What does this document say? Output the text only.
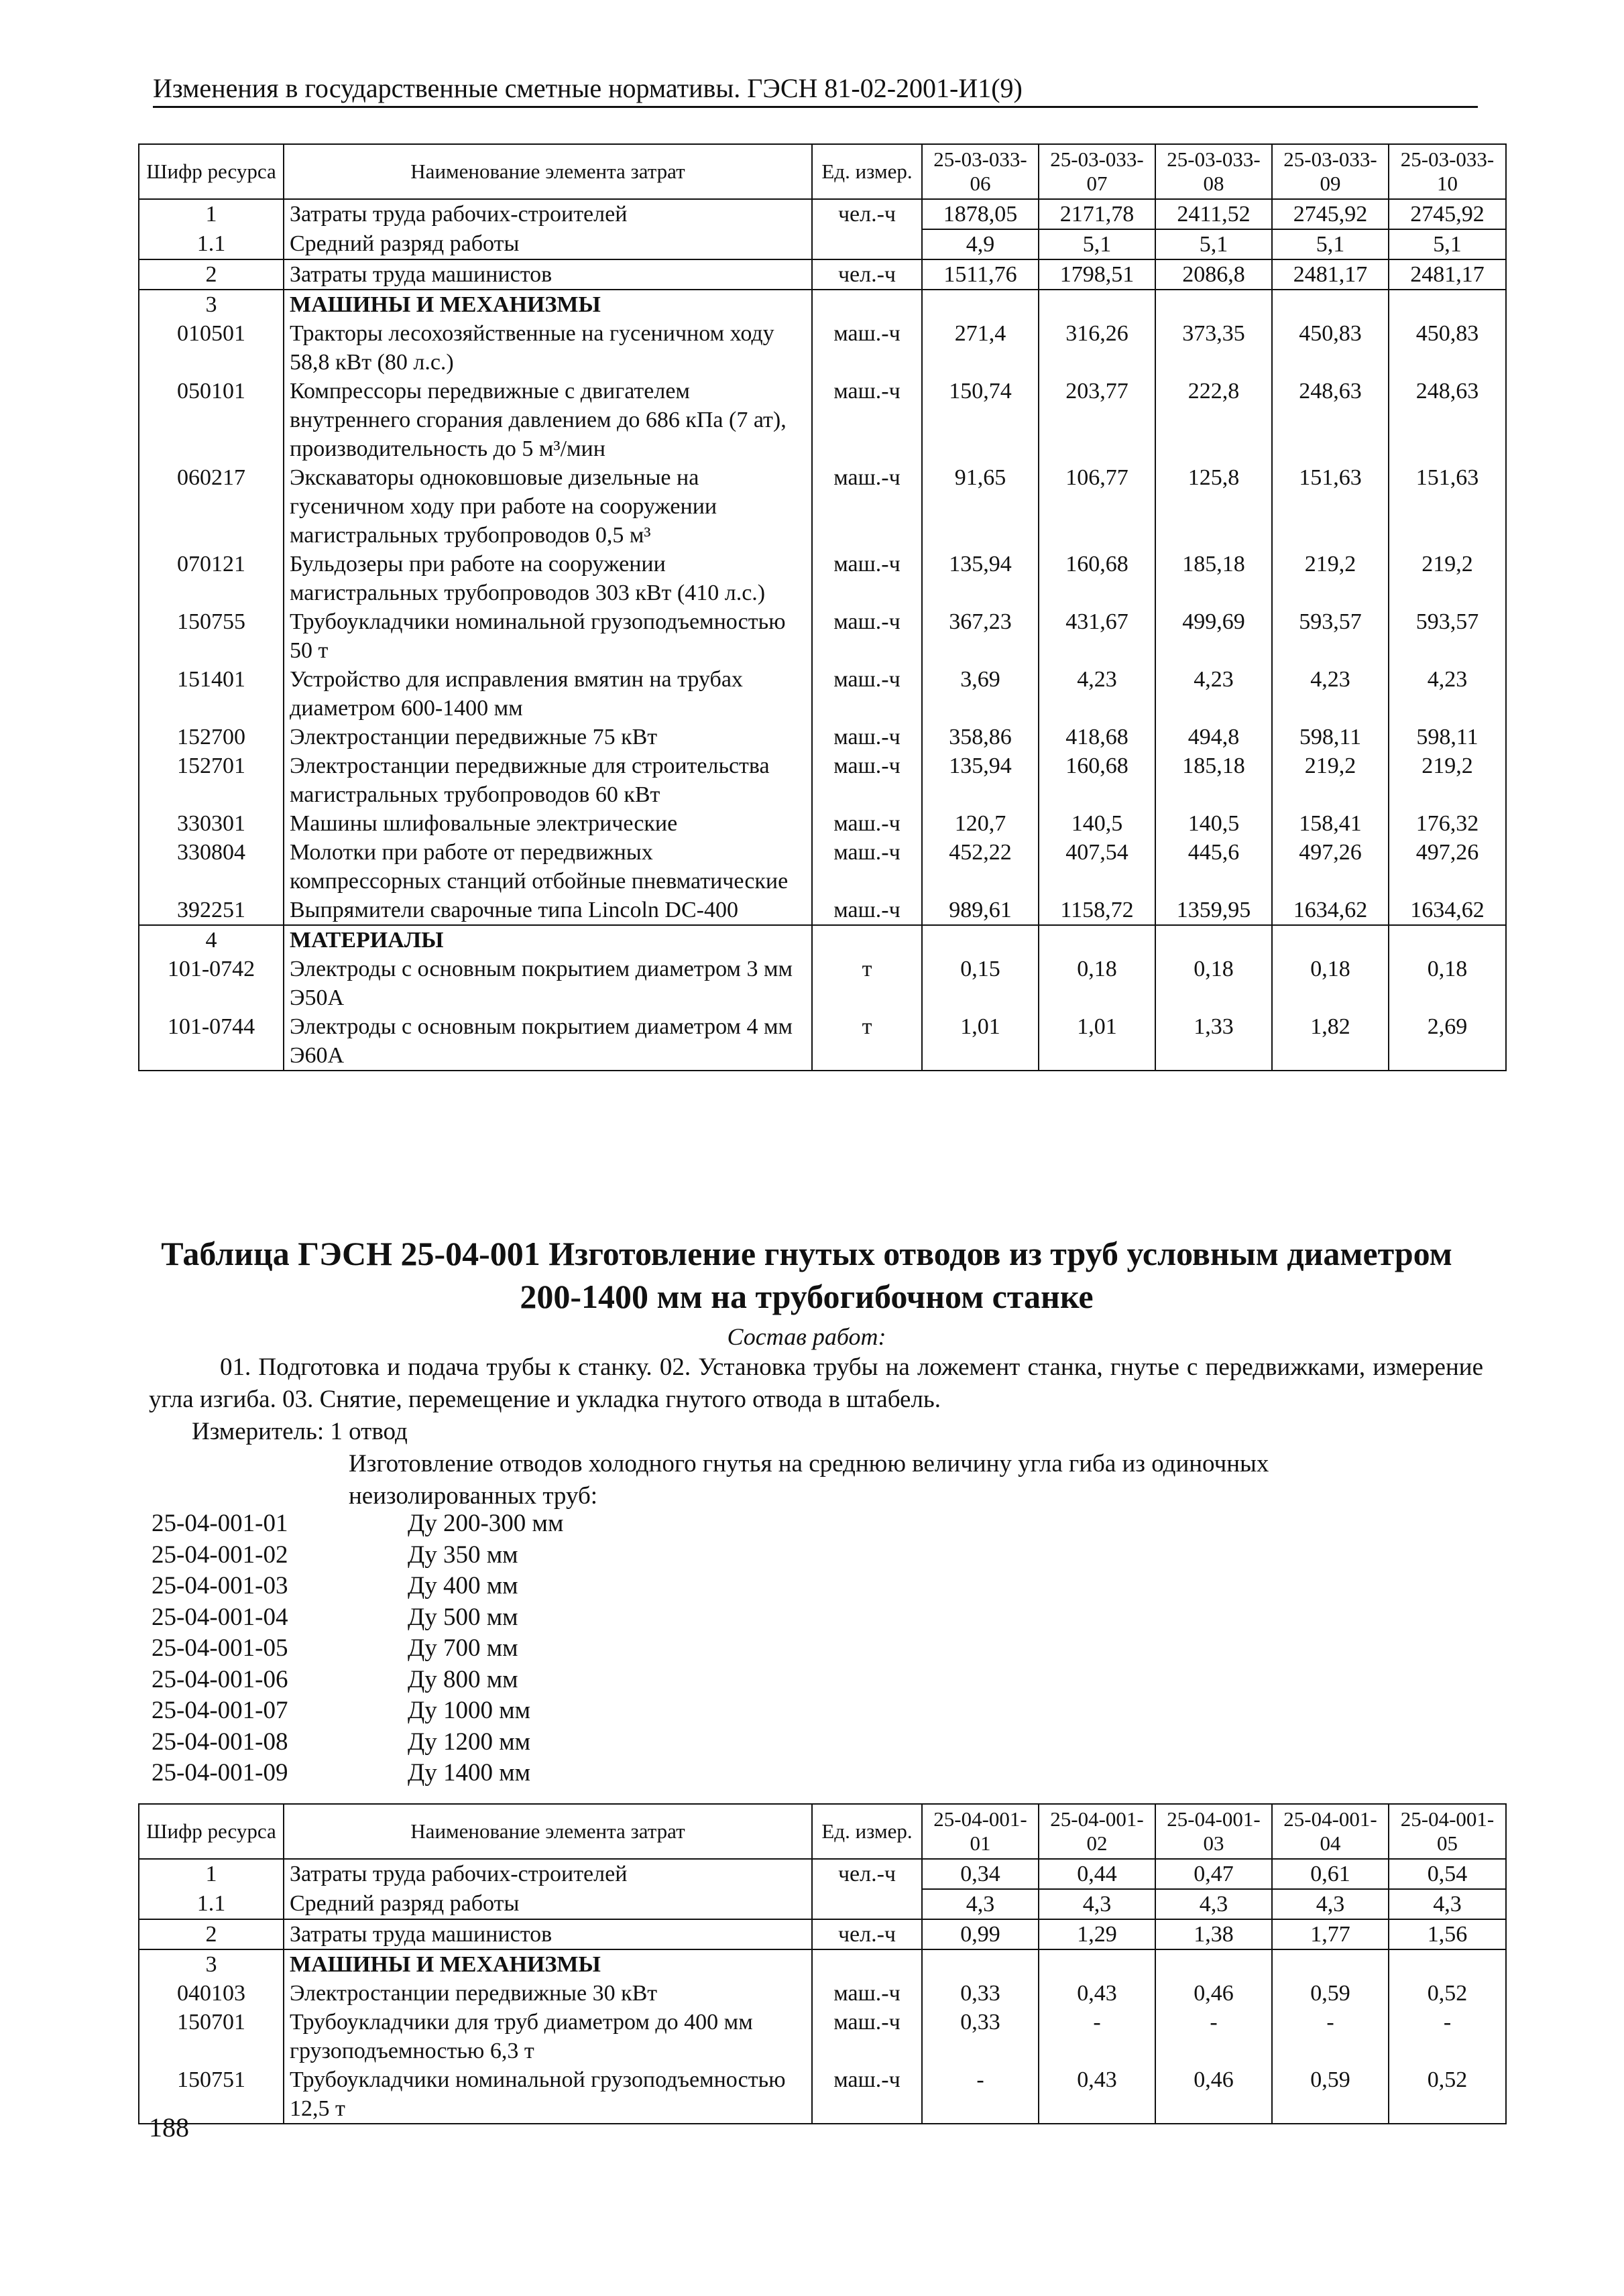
Изменения в государственные сметные нормативы. ГЭСН 81-02-2001-И1(9)
Шифр ресурса	Наименование элемента затрат	Ед. измер.	25-03-033-06	25-03-033-07	25-03-033-08	25-03-033-09	25-03-033-10
1	Затраты труда рабочих-строителей	чел.-ч	1878,05	2171,78	2411,52	2745,92	2745,92
1.1	Средний разряд работы		4,9	5,1	5,1	5,1	5,1
2	Затраты труда машинистов	чел.-ч	1511,76	1798,51	2086,8	2481,17	2481,17
3	МАШИНЫ И МЕХАНИЗМЫ						
010501	Тракторы лесохозяйственные на гусеничном ходу 58,8 кВт (80 л.с.)	маш.-ч	271,4	316,26	373,35	450,83	450,83
050101	Компрессоры передвижные с двигателем внутреннего сгорания давлением до 686 кПа (7 ат), производительность до 5 м³/мин	маш.-ч	150,74	203,77	222,8	248,63	248,63
060217	Экскаваторы одноковшовые дизельные на гусеничном ходу при работе на сооружении магистральных трубопроводов 0,5 м³	маш.-ч	91,65	106,77	125,8	151,63	151,63
070121	Бульдозеры при работе на сооружении магистральных трубопроводов 303 кВт (410 л.с.)	маш.-ч	135,94	160,68	185,18	219,2	219,2
150755	Трубоукладчики номинальной грузоподъемностью 50 т	маш.-ч	367,23	431,67	499,69	593,57	593,57
151401	Устройство для исправления вмятин на трубах диаметром 600-1400 мм	маш.-ч	3,69	4,23	4,23	4,23	4,23
152700	Электростанции передвижные 75 кВт	маш.-ч	358,86	418,68	494,8	598,11	598,11
152701	Электростанции передвижные для строительства магистральных трубопроводов 60 кВт	маш.-ч	135,94	160,68	185,18	219,2	219,2
330301	Машины шлифовальные электрические	маш.-ч	120,7	140,5	140,5	158,41	176,32
330804	Молотки при работе от передвижных компрессорных станций отбойные пневматические	маш.-ч	452,22	407,54	445,6	497,26	497,26
392251	Выпрямители сварочные типа Lincoln DC-400	маш.-ч	989,61	1158,72	1359,95	1634,62	1634,62
4	МАТЕРИАЛЫ						
101-0742	Электроды с основным покрытием диаметром 3 мм Э50А	т	0,15	0,18	0,18	0,18	0,18
101-0744	Электроды с основным покрытием диаметром 4 мм Э60А	т	1,01	1,01	1,33	1,82	2,69
Таблица ГЭСН 25-04-001 Изготовление гнутых отводов из труб условным диаметром
200-1400 мм на трубогибочном станке
Состав работ:
01. Подготовка и подача трубы к станку. 02. Установка трубы на ложемент станка, гнутье с передвижками, измерение угла изгиба. 03. Снятие, перемещение и укладка гнутого отвода в штабель.
Измеритель: 1 отвод
Изготовление отводов холодного гнутья на среднюю величину угла гиба из одиночных неизолированных труб:
25-04-001-01	Ду 200-300 мм
25-04-001-02	Ду 350 мм
25-04-001-03	Ду 400 мм
25-04-001-04	Ду 500 мм
25-04-001-05	Ду 700 мм
25-04-001-06	Ду 800 мм
25-04-001-07	Ду 1000 мм
25-04-001-08	Ду 1200 мм
25-04-001-09	Ду 1400 мм
Шифр ресурса	Наименование элемента затрат	Ед. измер.	25-04-001-01	25-04-001-02	25-04-001-03	25-04-001-04	25-04-001-05
1	Затраты труда рабочих-строителей	чел.-ч	0,34	0,44	0,47	0,61	0,54
1.1	Средний разряд работы		4,3	4,3	4,3	4,3	4,3
2	Затраты труда машинистов	чел.-ч	0,99	1,29	1,38	1,77	1,56
3	МАШИНЫ И МЕХАНИЗМЫ						
040103	Электростанции передвижные 30 кВт	маш.-ч	0,33	0,43	0,46	0,59	0,52
150701	Трубоукладчики для труб диаметром до 400 мм грузоподъемностью 6,3 т	маш.-ч	0,33	-	-	-	-
150751	Трубоукладчики номинальной грузоподъемностью 12,5 т	маш.-ч	-	0,43	0,46	0,59	0,52
188
